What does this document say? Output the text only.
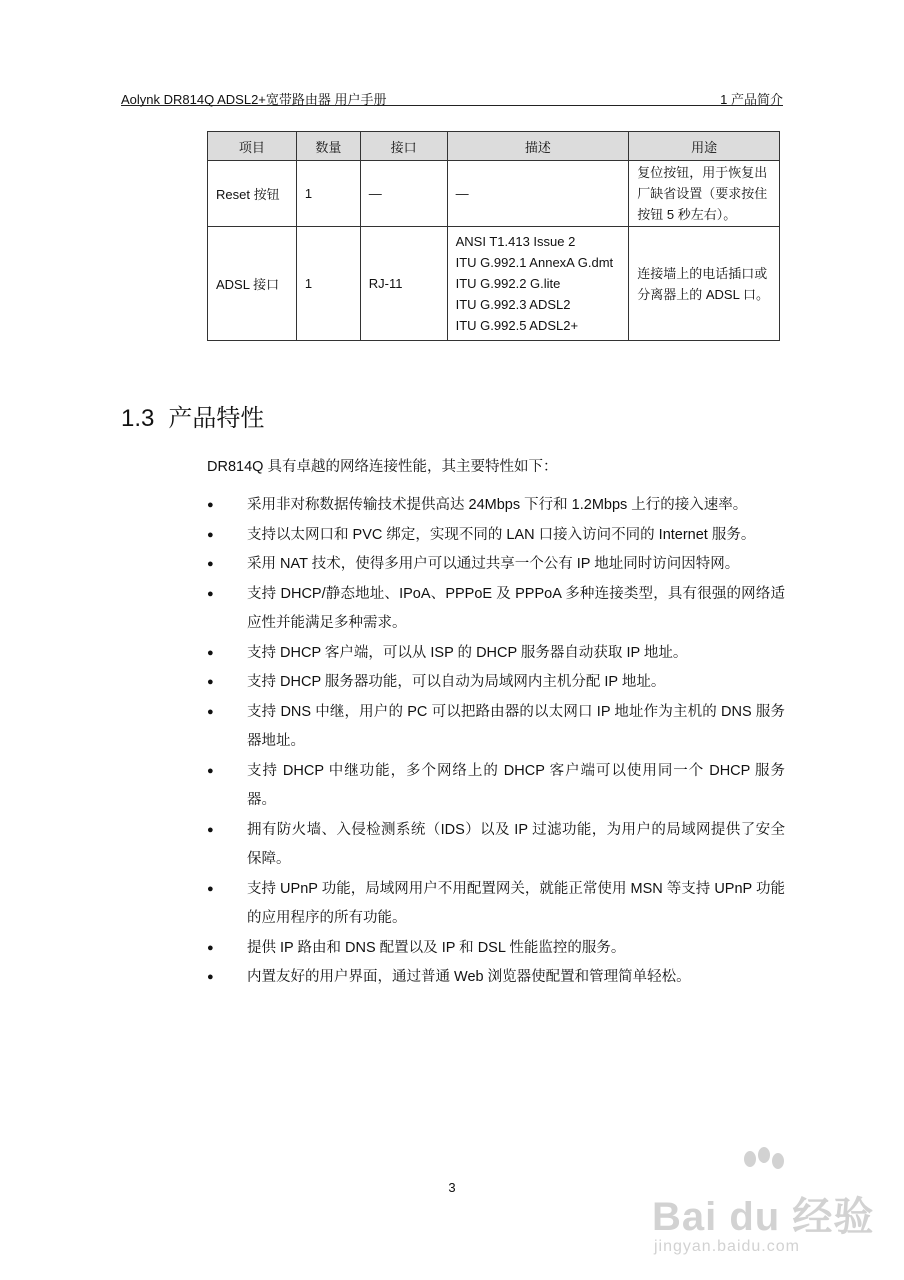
Aolynk DR814Q ADSL2+宽带路由器 用户手册	1 产品简介
项目	数量	接口	描述	用途
Reset 按钮	1	—	—	复位按钮，用于恢复出厂缺省设置（要求按住按钮 5 秒左右）。
ADSL 接口	1	RJ-11	ANSI T1.413 Issue 2
ITU G.992.1 AnnexA G.dmt
ITU G.992.2 G.lite
ITU G.992.3 ADSL2
ITU G.992.5 ADSL2+	连接墙上的电话插口或分离器上的 ADSL 口。
1.3 产品特性
DR814Q 具有卓越的网络连接性能，其主要特性如下：
● 采用非对称数据传输技术提供高达 24Mbps 下行和 1.2Mbps 上行的接入速率。
● 支持以太网口和 PVC 绑定，实现不同的 LAN 口接入访问不同的 Internet 服务。
● 采用 NAT 技术，使得多用户可以通过共享一个公有 IP 地址同时访问因特网。
● 支持 DHCP/静态地址、IPoA、PPPoE 及 PPPoA 多种连接类型，具有很强的网络适应性并能满足多种需求。
● 支持 DHCP 客户端，可以从 ISP 的 DHCP 服务器自动获取 IP 地址。
● 支持 DHCP 服务器功能，可以自动为局域网内主机分配 IP 地址。
● 支持 DNS 中继，用户的 PC 可以把路由器的以太网口 IP 地址作为主机的 DNS 服务器地址。
● 支持 DHCP 中继功能，多个网络上的 DHCP 客户端可以使用同一个 DHCP 服务器。
● 拥有防火墙、入侵检测系统（IDS）以及 IP 过滤功能，为用户的局域网提供了安全保障。
● 支持 UPnP 功能，局域网用户不用配置网关，就能正常使用 MSN 等支持 UPnP 功能的应用程序的所有功能。
● 提供 IP 路由和 DNS 配置以及 IP 和 DSL 性能监控的服务。
● 内置友好的用户界面，通过普通 Web 浏览器使配置和管理简单轻松。
3
Bai du 经验
jingyan.baidu.com
